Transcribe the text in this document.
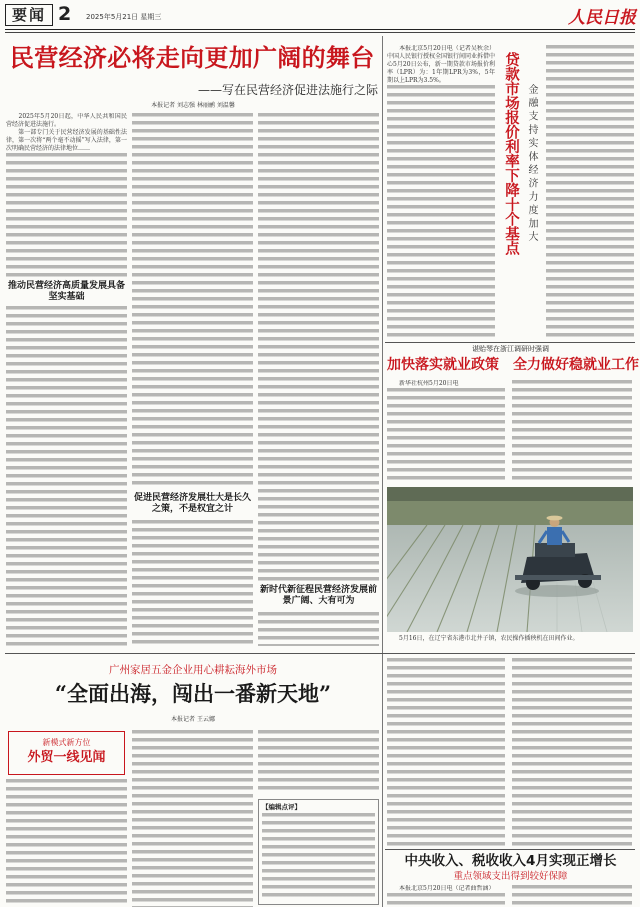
要闻 2 2025年5月21日 星期三	人民日报
民营经济必将走向更加广阔的舞台
——写在民营经济促进法施行之际
本报记者 刘志强 林丽鹂 刘温馨

　　2025年5月20日起，中华人民共和国民营经济促进法施行。

　　第一部专门关于民营经济发展的基础性法律，第一次将“两个毫不动摇”写入法律，第一次明确民营经济的法律地位……

推动民营经济高质量发展具备坚实基础
促进民营经济发展壮大是长久之策，不是权宜之计
新时代新征程民营经济发展前景广阔、大有可为

　　本报北京5月20日电（记者吴秋余）中国人民银行授权全国银行间同业拆借中心5月20日公布，新一期贷款市场报价利率（LPR）为：1年期LPR为3%，5年期以上LPR为3.5%。	贷款市场报价利率下降十个基点 金融支持实体经济力度加大
谌贻琴在浙江调研时强调
加快落实就业政策　全力做好稳就业工作

　　新华社杭州5月20日电

　　5月16日，在辽宁省东港市北井子镇，农民操作插秧机在田间作业。
中央收入、税收收入4月实现正增长
重点领域支出得到较好保障

　　本报北京5月20日电（记者曲哲涵）

广州家居五金企业用心耕耘海外市场
“全面出海，闯出一番新天地”
本报记者 王云娜
新模式新方位
外贸一线见闻
【编辑点评】
